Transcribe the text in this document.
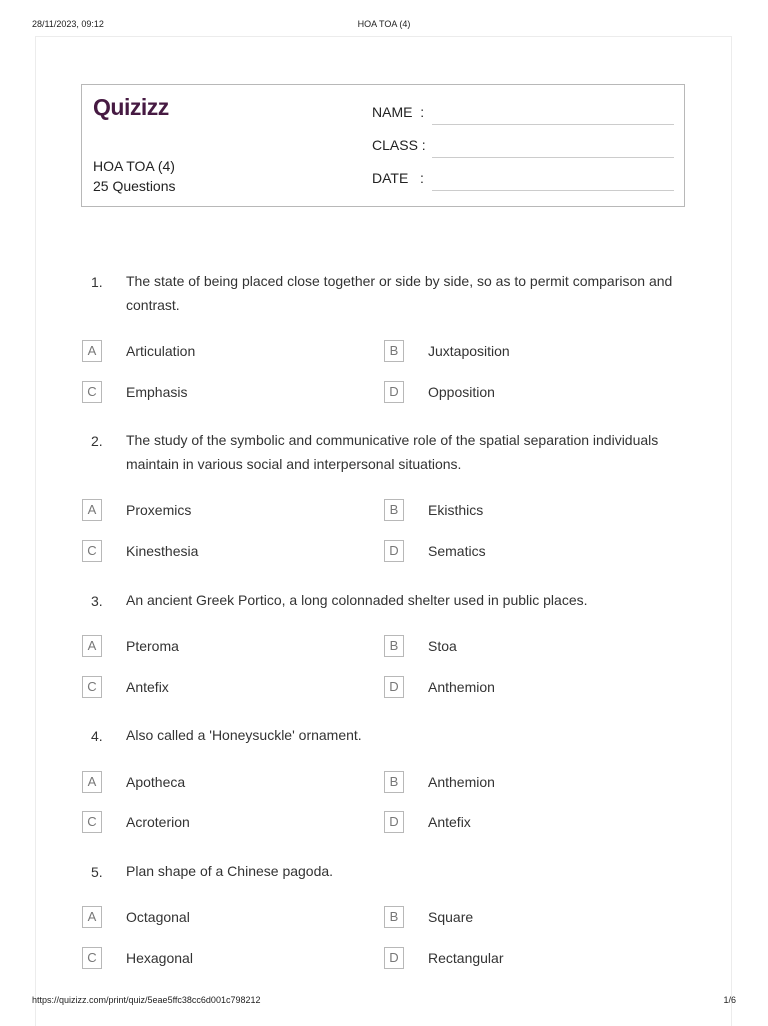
28/11/2023, 09:12	HOA TOA (4)
Quizizz
HOA TOA (4)
25 Questions
NAME  :
CLASS :
DATE   :
1. The state of being placed close together or side by side, so as to permit comparison and contrast.
A	Articulation	B	Juxtaposition
C	Emphasis	D	Opposition
2. The study of the symbolic and communicative role of the spatial separation individuals maintain in various social and interpersonal situations.
A	Proxemics	B	Ekisthics
C	Kinesthesia	D	Sematics
3. An ancient Greek Portico, a long colonnaded shelter used in public places.
A	Pteroma	B	Stoa
C	Antefix	D	Anthemion
4. Also called a 'Honeysuckle' ornament.
A	Apotheca	B	Anthemion
C	Acroterion	D	Antefix
5. Plan shape of a Chinese pagoda.
A	Octagonal	B	Square
C	Hexagonal	D	Rectangular
https://quizizz.com/print/quiz/5eae5ffc38cc6d001c798212	1/6
